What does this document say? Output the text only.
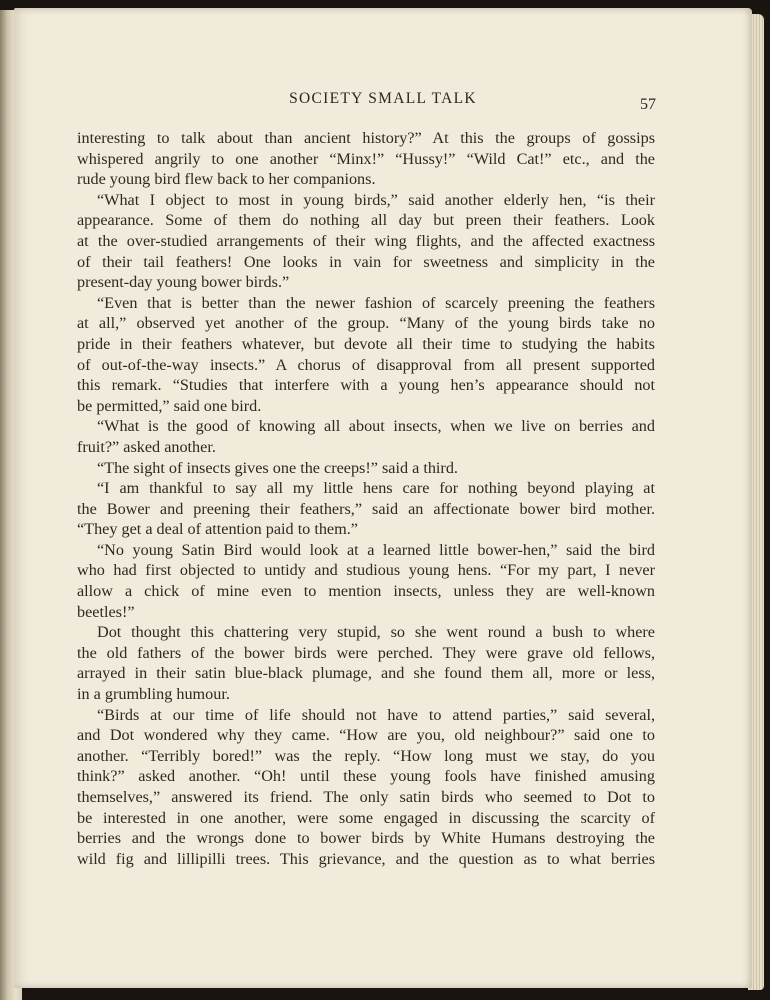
SOCIETY SMALL TALK	57
interesting to talk about than ancient history?” At this the groups of gossips
whispered angrily to one another “Minx!” “Hussy!” “Wild Cat!” etc., and the
rude young bird flew back to her companions.
“What I object to most in young birds,” said another elderly hen, “is their
appearance. Some of them do nothing all day but preen their feathers. Look
at the over-studied arrangements of their wing flights, and the affected exactness
of their tail feathers! One looks in vain for sweetness and simplicity in the
present-day young bower birds.”
“Even that is better than the newer fashion of scarcely preening the feathers
at all,” observed yet another of the group. “Many of the young birds take no
pride in their feathers whatever, but devote all their time to studying the habits
of out-of-the-way insects.” A chorus of disapproval from all present supported
this remark. “Studies that interfere with a young hen’s appearance should not
be permitted,” said one bird.
“What is the good of knowing all about insects, when we live on berries and
fruit?” asked another.
“The sight of insects gives one the creeps!” said a third.
“I am thankful to say all my little hens care for nothing beyond playing at
the Bower and preening their feathers,” said an affectionate bower bird mother.
“They get a deal of attention paid to them.”
“No young Satin Bird would look at a learned little bower-hen,” said the bird
who had first objected to untidy and studious young hens. “For my part, I never
allow a chick of mine even to mention insects, unless they are well-known
beetles!”
Dot thought this chattering very stupid, so she went round a bush to where
the old fathers of the bower birds were perched. They were grave old fellows,
arrayed in their satin blue-black plumage, and she found them all, more or less,
in a grumbling humour.
“Birds at our time of life should not have to attend parties,” said several,
and Dot wondered why they came. “How are you, old neighbour?” said one to
another. “Terribly bored!” was the reply. “How long must we stay, do you
think?” asked another. “Oh! until these young fools have finished amusing
themselves,” answered its friend. The only satin birds who seemed to Dot to
be interested in one another, were some engaged in discussing the scarcity of
berries and the wrongs done to bower birds by White Humans destroying the
wild fig and lillipilli trees. This grievance, and the question as to what berries
